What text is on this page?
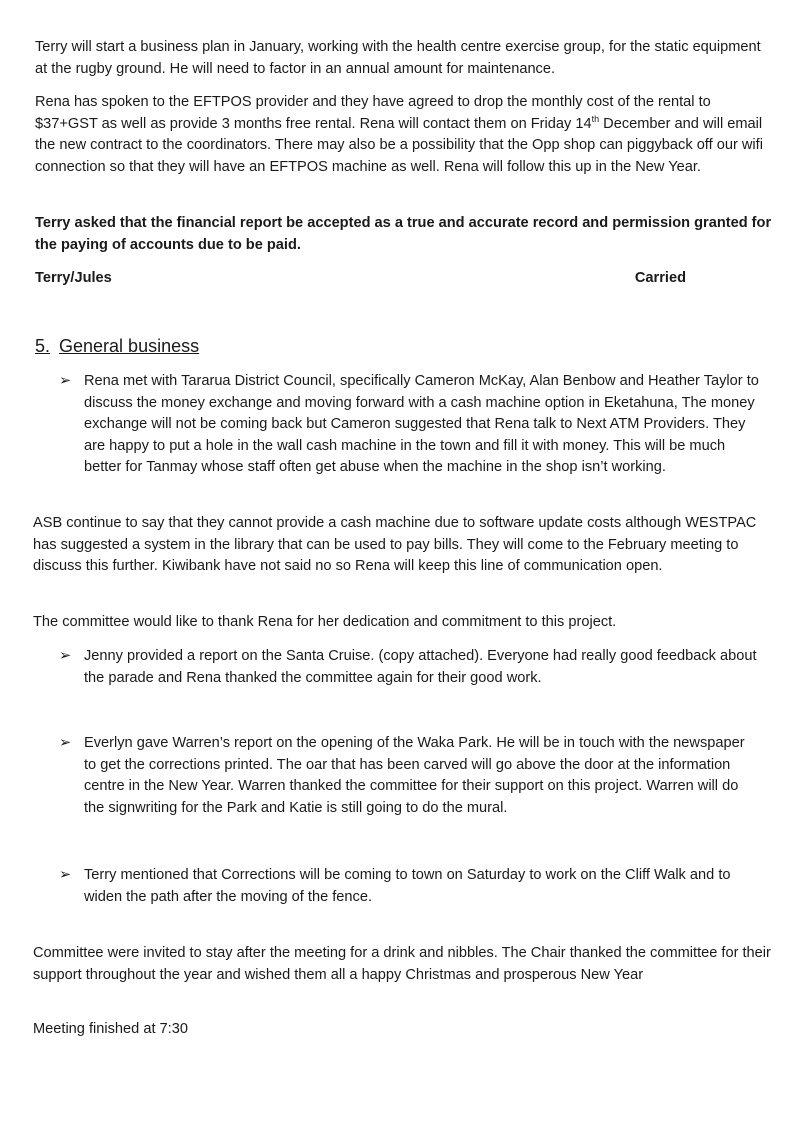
Terry will start a business plan in January, working with the health centre exercise group, for the static equipment at the rugby ground. He will need to factor in an annual amount for maintenance.

Rena has spoken to the EFTPOS provider and they have agreed to drop the monthly cost of the rental to $37+GST as well as provide 3 months free rental. Rena will contact them on Friday 14th December and will email the new contract to the coordinators. There may also be a possibility that the Opp shop can piggyback off our wifi connection so that they will have an EFTPOS machine as well. Rena will follow this up in the New Year.

Terry asked that the financial report be accepted as a true and accurate record and permission granted for the paying of accounts due to be paid.

Terry/Jules	Carried
5. General business
➢ Rena met with Tararua District Council, specifically Cameron McKay, Alan Benbow and Heather Taylor to discuss the money exchange and moving forward with a cash machine option in Eketahuna, The money exchange will not be coming back but Cameron suggested that Rena talk to Next ATM Providers. They are happy to put a hole in the wall cash machine in the town and fill it with money. This will be much better for Tanmay whose staff often get abuse when the machine in the shop isn’t working.

ASB continue to say that they cannot provide a cash machine due to software update costs although WESTPAC has suggested a system in the library that can be used to pay bills. They will come to the February meeting to discuss this further. Kiwibank have not said no so Rena will keep this line of communication open.

The committee would like to thank Rena for her dedication and commitment to this project.

➢ Jenny provided a report on the Santa Cruise. (copy attached). Everyone had really good feedback about the parade and Rena thanked the committee again for their good work.
➢ Everlyn gave Warren’s report on the opening of the Waka Park. He will be in touch with the newspaper to get the corrections printed. The oar that has been carved will go above the door at the information centre in the New Year. Warren thanked the committee for their support on this project. Warren will do the signwriting for the Park and Katie is still going to do the mural.
➢ Terry mentioned that Corrections will be coming to town on Saturday to work on the Cliff Walk and to widen the path after the moving of the fence.

Committee were invited to stay after the meeting for a drink and nibbles. The Chair thanked the committee for their support throughout the year and wished them all a happy Christmas and prosperous New Year

Meeting finished at 7:30
